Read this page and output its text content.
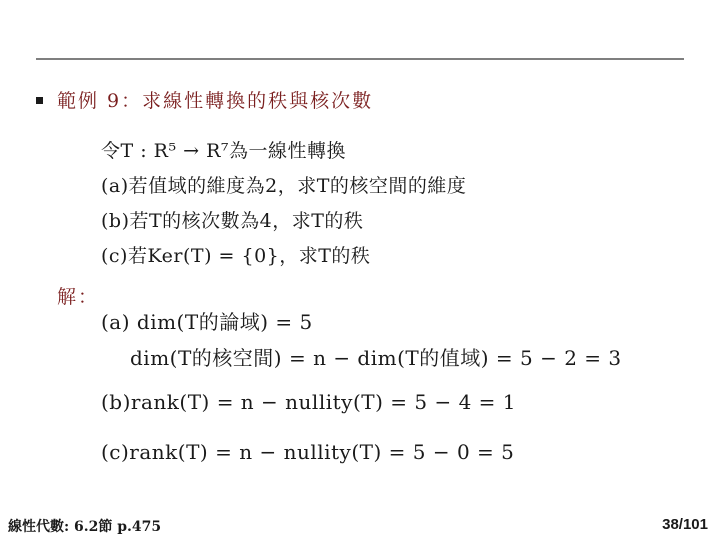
範例 9：求線性轉換的秩與核次數
令T : R⁵ → R⁷為一線性轉換
(a)若值域的維度為2，求T的核空間的維度
(b)若T的核次數為4，求T的秩
(c)若Ker(T) = {0}，求T的秩
解：
(a) dim(T的論域) = 5
dim(T的核空間) = n − dim(T的值域) = 5 − 2 = 3
(b)rank(T) = n − nullity(T) = 5 − 4 = 1
(c)rank(T) = n − nullity(T) = 5 − 0 = 5
線性代數: 6.2節 p.475	38/101
